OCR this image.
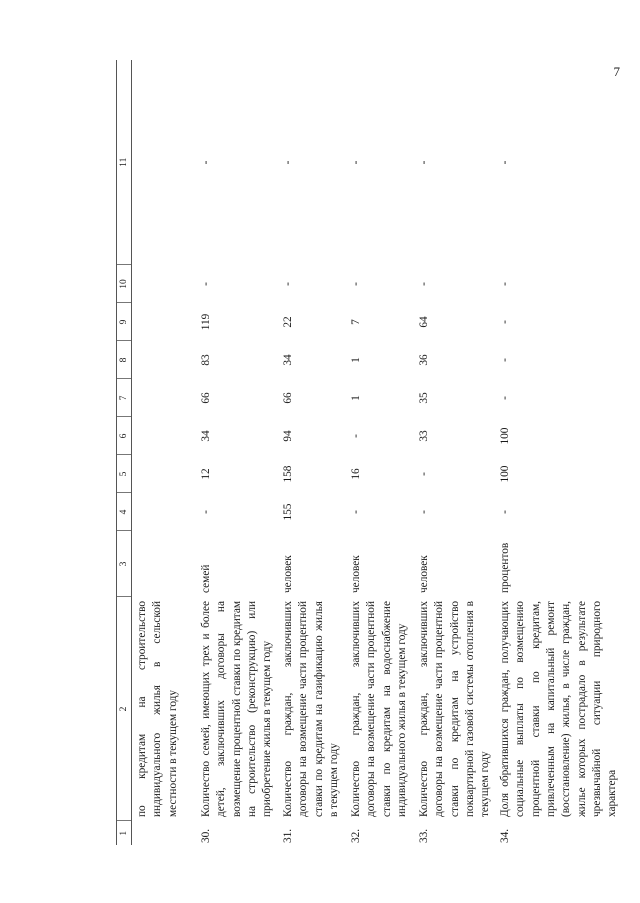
7
1	2	3	4	5	6	7	8	9	10	11
	по кредитам на строительство индивидуального жилья в сельской местности в текущем году									
30.	Количество семей, имеющих трех и более детей, заключивших договоры на возмещение процентной ставки по кредитам на строительство (реконструкцию) или приобретение жилья в текущем году	семей	-	12	34	66	83	119	-	-
31.	Количество граждан, заключивших договоры на возмещение части процентной ставки по кредитам на газификацию жилья в текущем году	человек	155	158	94	66	34	22	-	-
32.	Количество граждан, заключивших договоры на возмещение части процентной ставки по кредитам на водоснабжение индивидуального жилья в текущем году	человек	-	16	-	1	1	7	-	-
33.	Количество граждан, заключивших договоры на возмещение части процентной ставки по кредитам на устройство поквартирной газовой системы отопления в текущем году	человек	-	-	33	35	36	64	-	-
34.	Доля обратившихся граждан, получающих социальные выплаты по возмещению процентной ставки по кредитам, привлеченным на капитальный ремонт (восстановление) жилья, в числе граждан, жилье которых пострадало в результате чрезвычайной ситуации природного характера	процентов	-	100	100	-	-	-	-	-
